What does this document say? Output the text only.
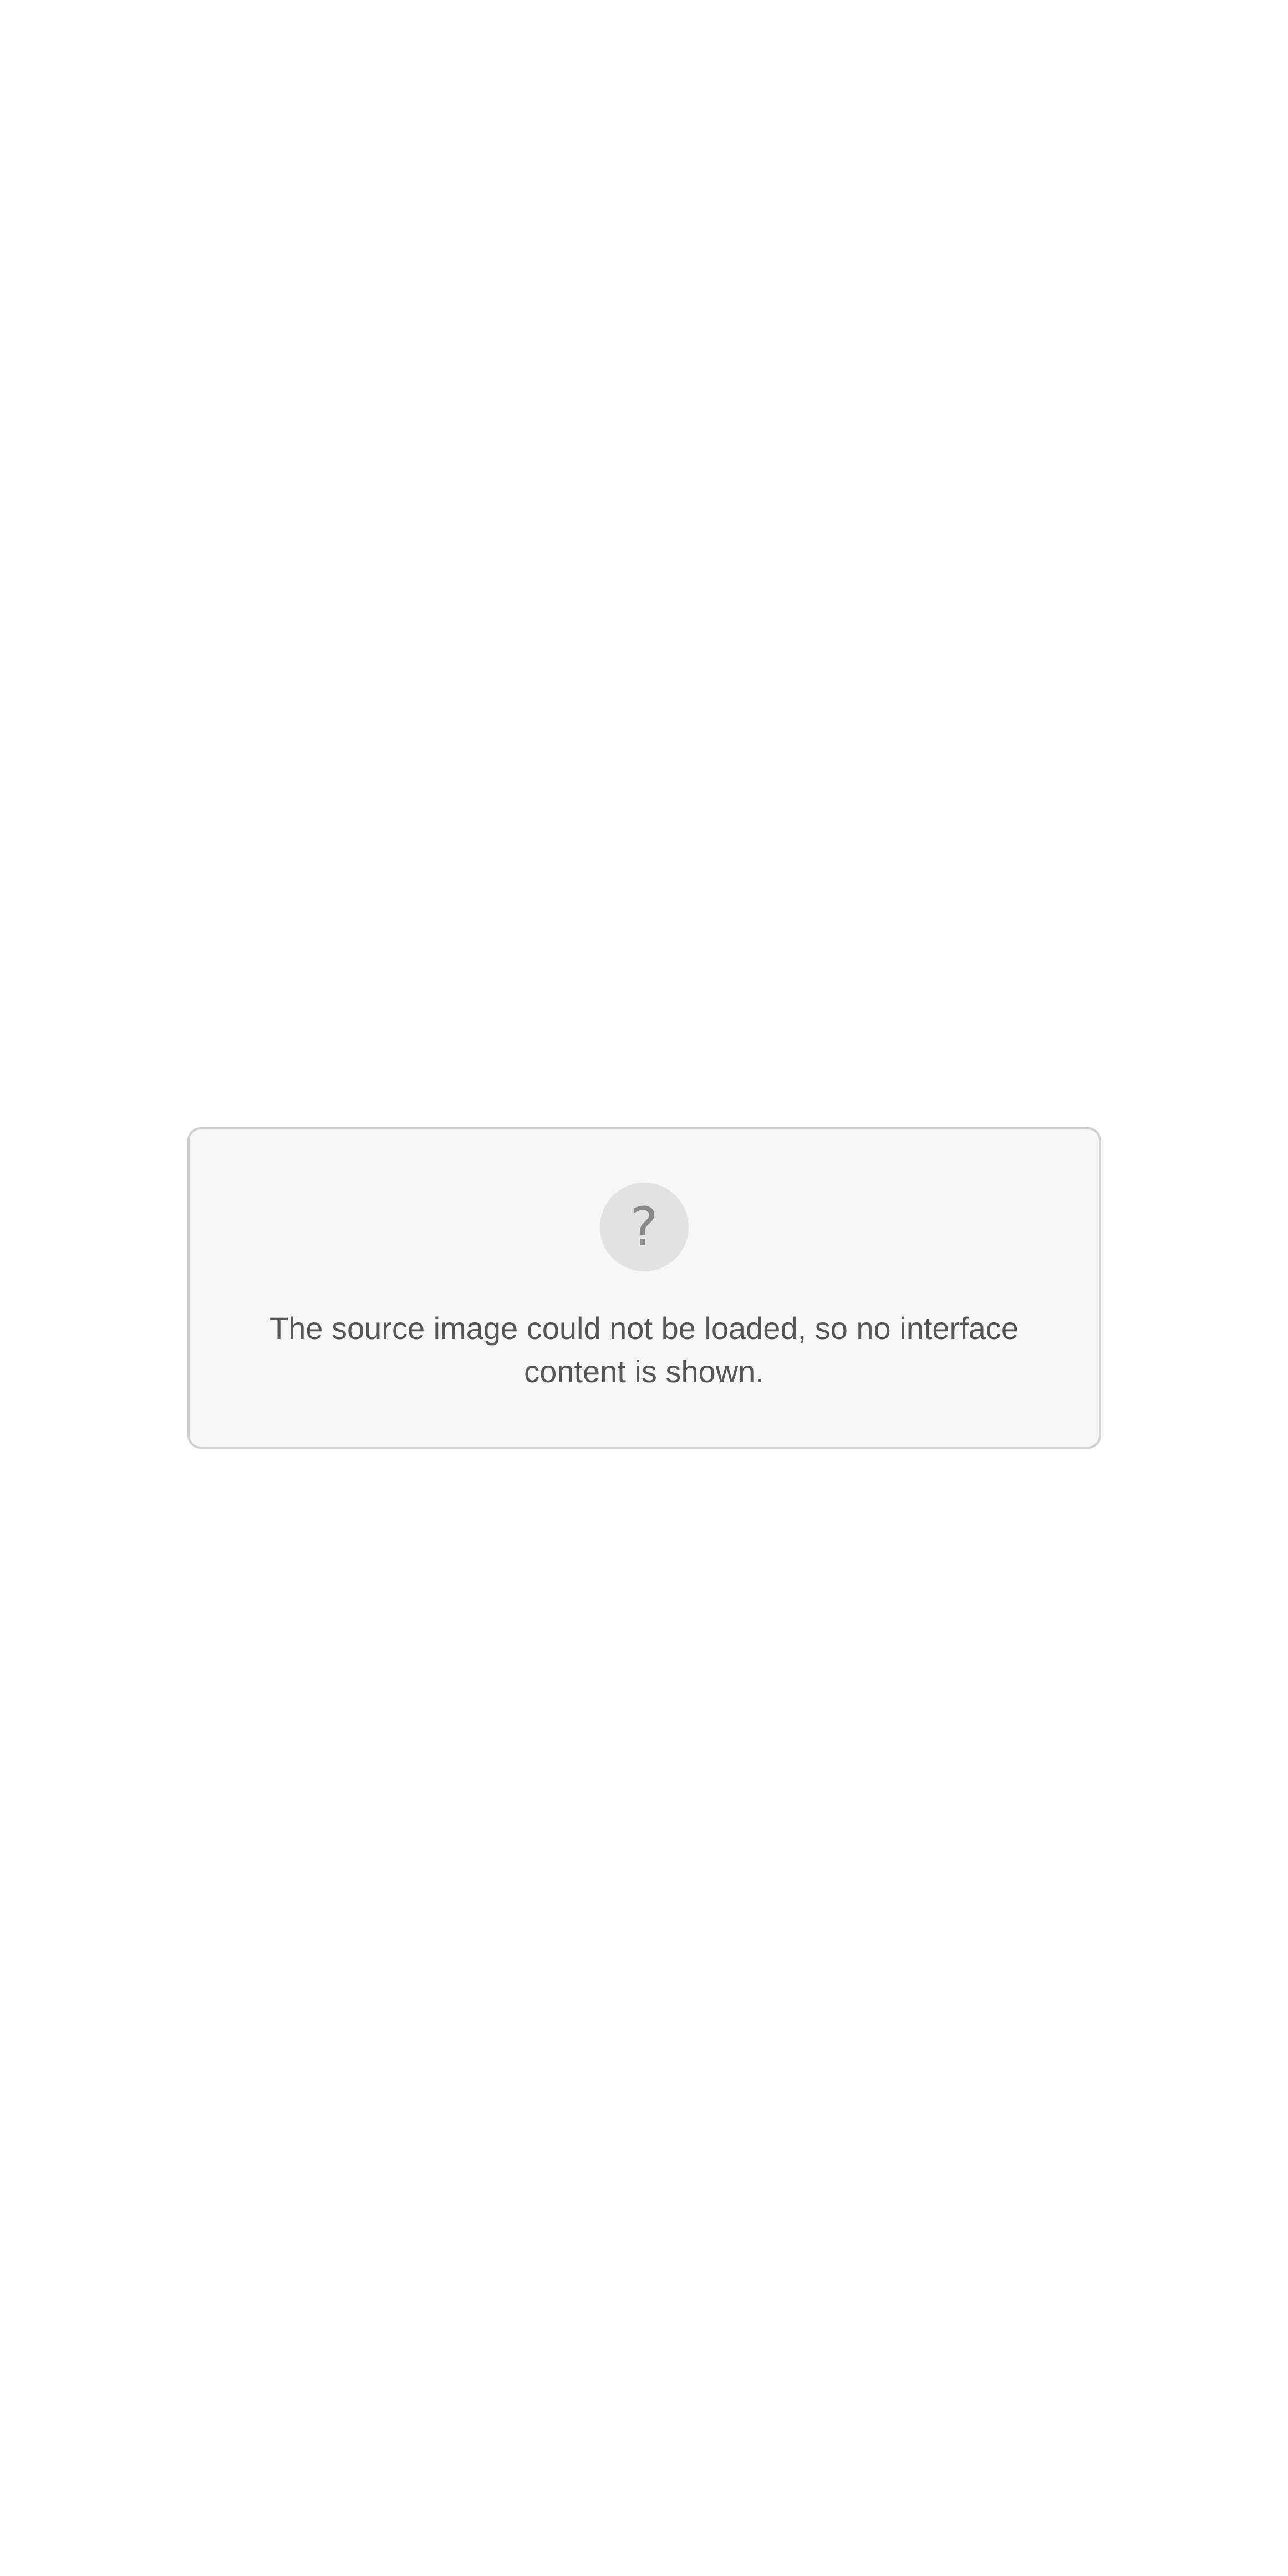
?
The source image could not be loaded, so no interface content is shown.
